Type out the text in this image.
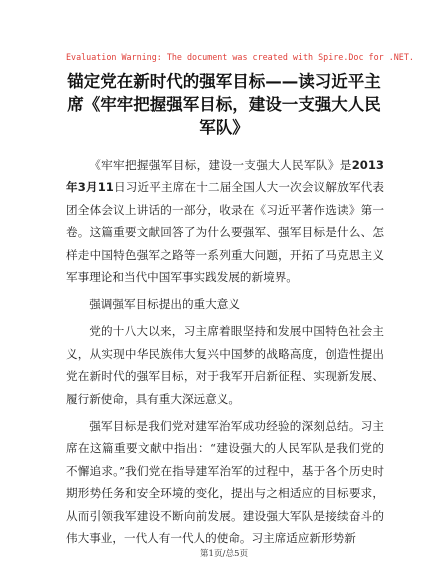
Evaluation Warning: The document was created with Spire.Doc for .NET.
锚定党在新时代的强军目标——读习近平主席《牢牢把握强军目标，建设一支强大人民军队》

《牢牢把握强军目标，建设一支强大人民军队》是2013年3月11日习近平主席在十二届全国人大一次会议解放军代表团全体会议上讲话的一部分，收录在《习近平著作选读》第一卷。这篇重要文献回答了为什么要强军、强军目标是什么、怎样走中国特色强军之路等一系列重大问题，开拓了马克思主义军事理论和当代中国军事实践发展的新境界。

强调强军目标提出的重大意义

党的十八大以来，习主席着眼坚持和发展中国特色社会主义，从实现中华民族伟大复兴中国梦的战略高度，创造性提出党在新时代的强军目标，对于我军开启新征程、实现新发展、履行新使命，具有重大深远意义。

强军目标是我们党对建军治军成功经验的深刻总结。习主席在这篇重要文献中指出：“建设强大的人民军队是我们党的不懈追求。”我们党在指导建军治军的过程中，基于各个历史时期形势任务和安全环境的变化，提出与之相适应的目标要求，从而引领我军建设不断向前发展。建设强大军队是接续奋斗的伟大事业，一代人有一代人的使命。习主席适应新形势新

第1页/总5页
